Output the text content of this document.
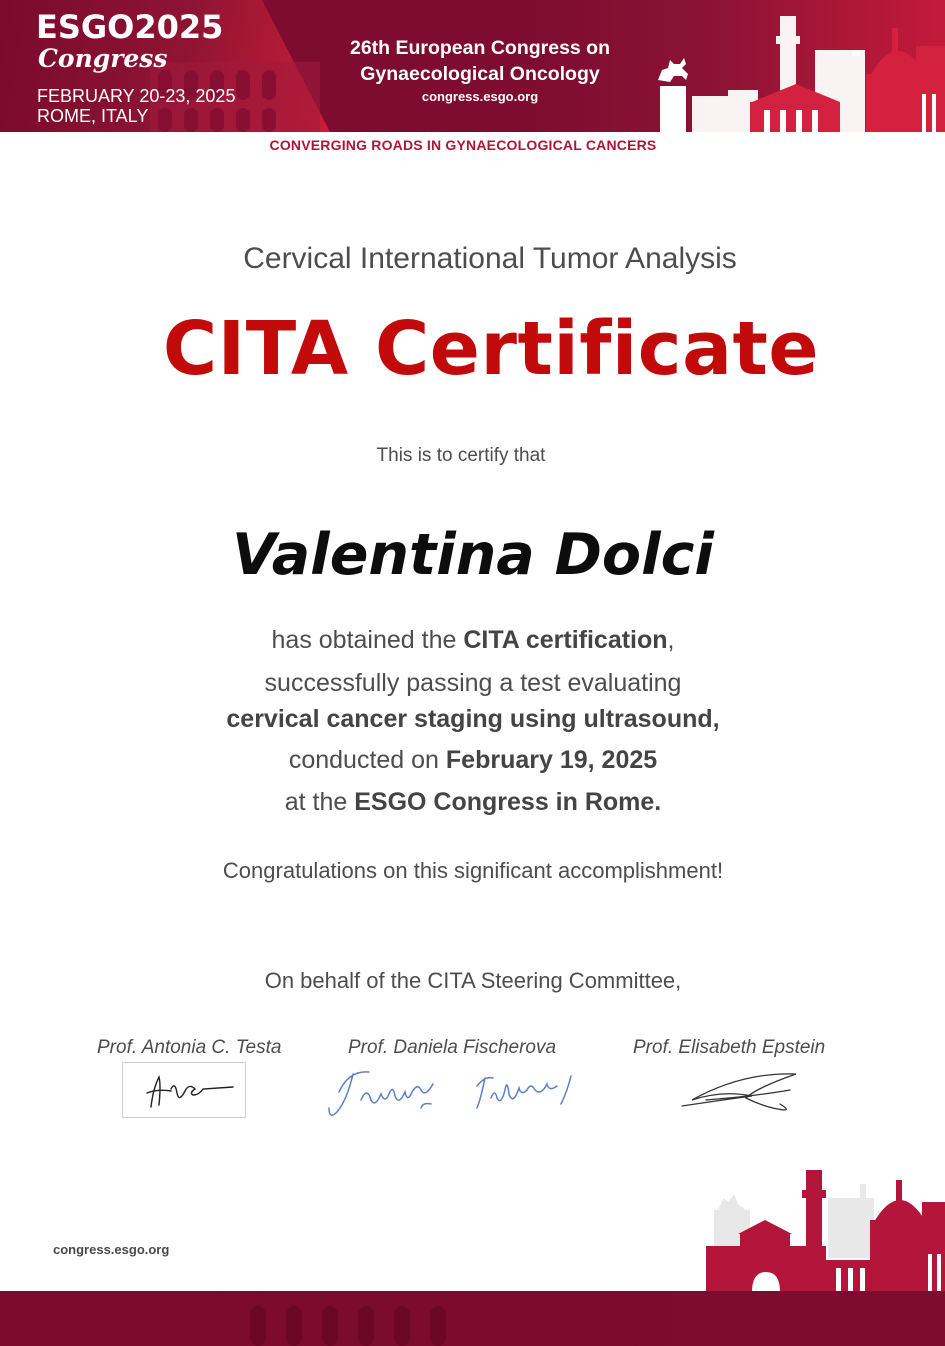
ESGO2025
Congress
FEBRUARY 20-23, 2025
ROME, ITALY
26th European Congress on
Gynaecological Oncology
congress.esgo.org
CONVERGING ROADS IN GYNAECOLOGICAL CANCERS
Cervical International Tumor Analysis
CITA Certificate
This is to certify that
Valentina Dolci
has obtained the CITA certification,
successfully passing a test evaluating
cervical cancer staging using ultrasound,
conducted on February 19, 2025
at the ESGO Congress in Rome.
Congratulations on this significant accomplishment!
On behalf of the CITA Steering Committee,
Prof. Antonia C. Testa	Prof. Daniela Fischerova	Prof. Elisabeth Epstein
congress.esgo.org
